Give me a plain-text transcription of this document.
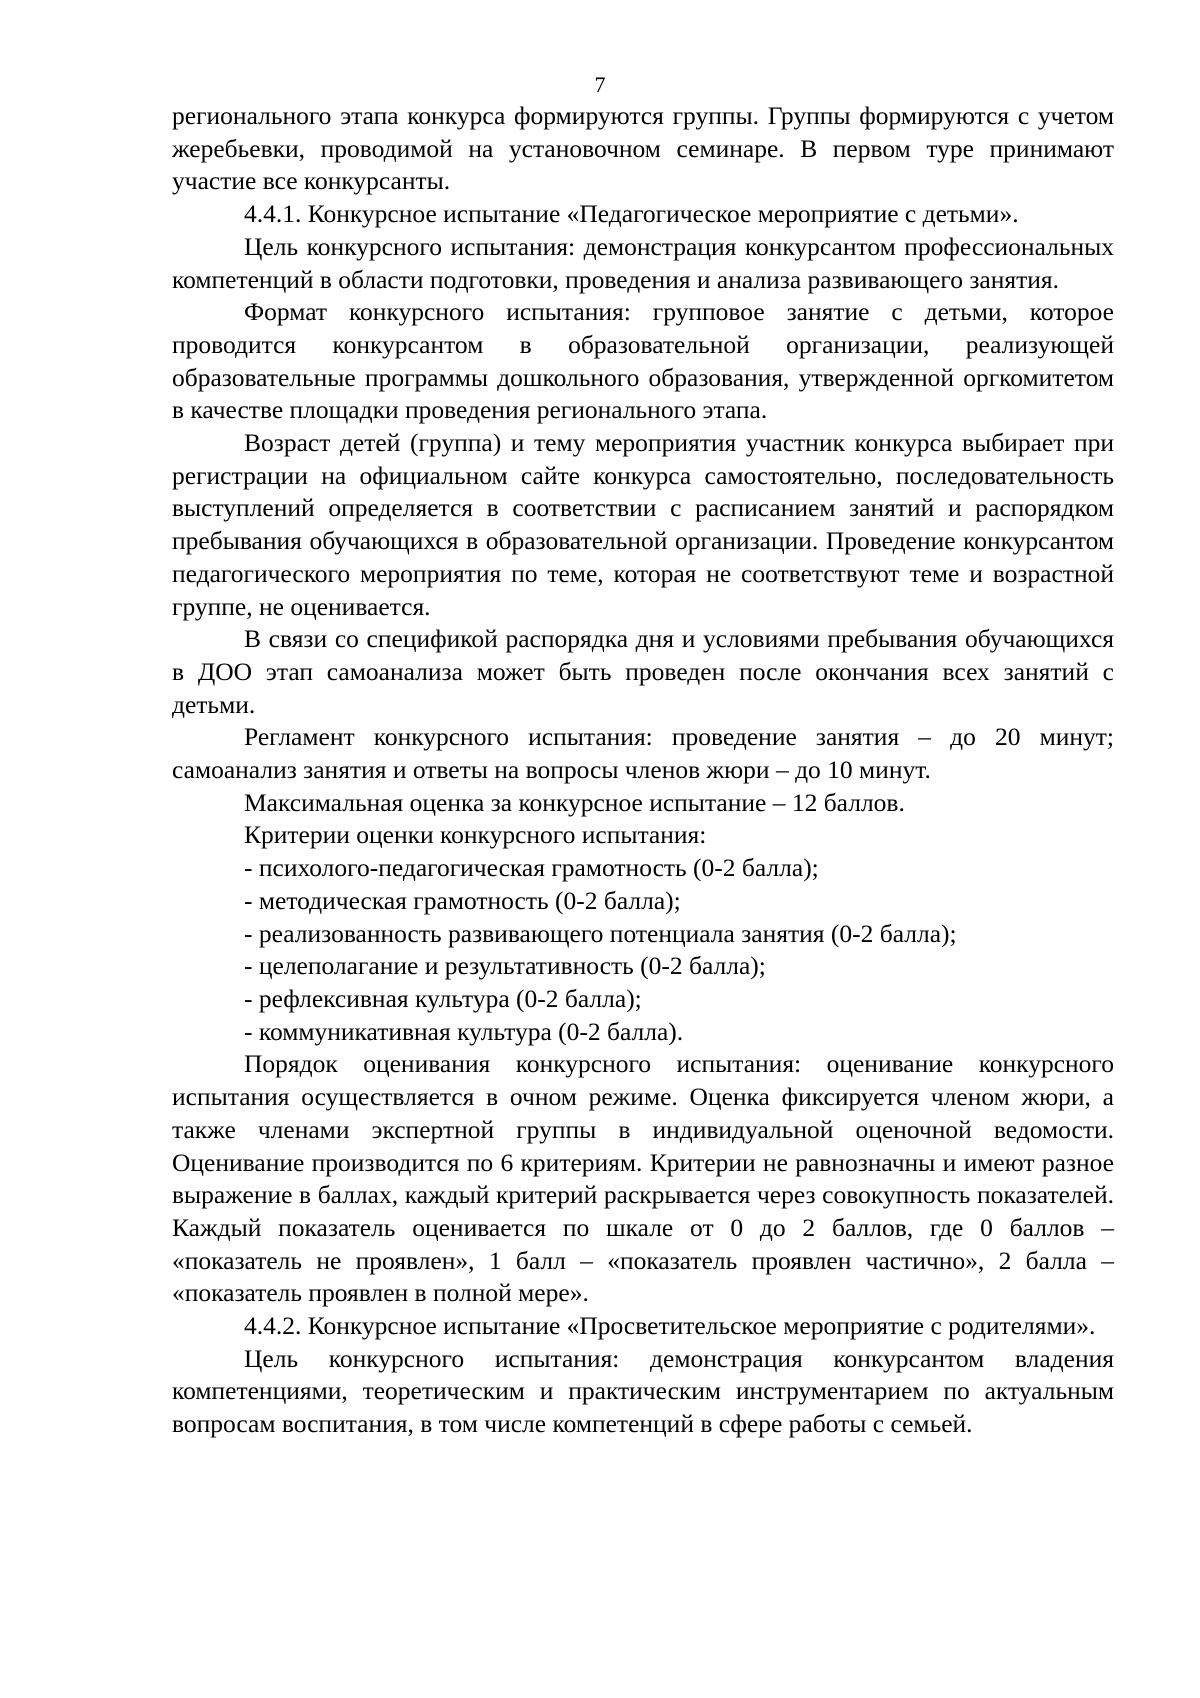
7

регионального этапа конкурса формируются группы. Группы формируются с учетом жеребьевки, проводимой на установочном семинаре. В первом туре принимают участие все конкурсанты.

4.4.1. Конкурсное испытание «Педагогическое мероприятие с детьми».

Цель конкурсного испытания: демонстрация конкурсантом профессиональных компетенций в области подготовки, проведения и анализа развивающего занятия.

Формат конкурсного испытания: групповое занятие с детьми, которое проводится конкурсантом в образовательной организации, реализующей образовательные программы дошкольного образования, утвержденной оргкомитетом в качестве площадки проведения регионального этапа.

Возраст детей (группа) и тему мероприятия участник конкурса выбирает при регистрации на официальном сайте конкурса самостоятельно, последовательность выступлений определяется в соответствии с расписанием занятий и распорядком пребывания обучающихся в образовательной организации. Проведение конкурсантом педагогического мероприятия по теме, которая не соответствуют теме и возрастной группе, не оценивается.

В связи со спецификой распорядка дня и условиями пребывания обучающихся в ДОО этап самоанализа может быть проведен после окончания всех занятий с детьми.

Регламент конкурсного испытания: проведение занятия – до 20 минут; самоанализ занятия и ответы на вопросы членов жюри – до 10 минут.

Максимальная оценка за конкурсное испытание – 12 баллов.

Критерии оценки конкурсного испытания:

- психолого-педагогическая грамотность (0-2 балла);

- методическая грамотность (0-2 балла);

- реализованность развивающего потенциала занятия (0-2 балла);

- целеполагание и результативность (0-2 балла);

- рефлексивная культура (0-2 балла);

- коммуникативная культура (0-2 балла).

Порядок оценивания конкурсного испытания: оценивание конкурсного испытания осуществляется в очном режиме. Оценка фиксируется членом жюри, а также членами экспертной группы в индивидуальной оценочной ведомости. Оценивание производится по 6 критериям. Критерии не равнозначны и имеют разное выражение в баллах, каждый критерий раскрывается через совокупность показателей. Каждый показатель оценивается по шкале от 0 до 2 баллов, где 0 баллов – «показатель не проявлен», 1 балл – «показатель проявлен частично», 2 балла – «показатель проявлен в полной мере».

4.4.2. Конкурсное испытание «Просветительское мероприятие с родителями».

Цель конкурсного испытания: демонстрация конкурсантом владения компетенциями, теоретическим и практическим инструментарием по актуальным вопросам воспитания, в том числе компетенций в сфере работы с семьей.
